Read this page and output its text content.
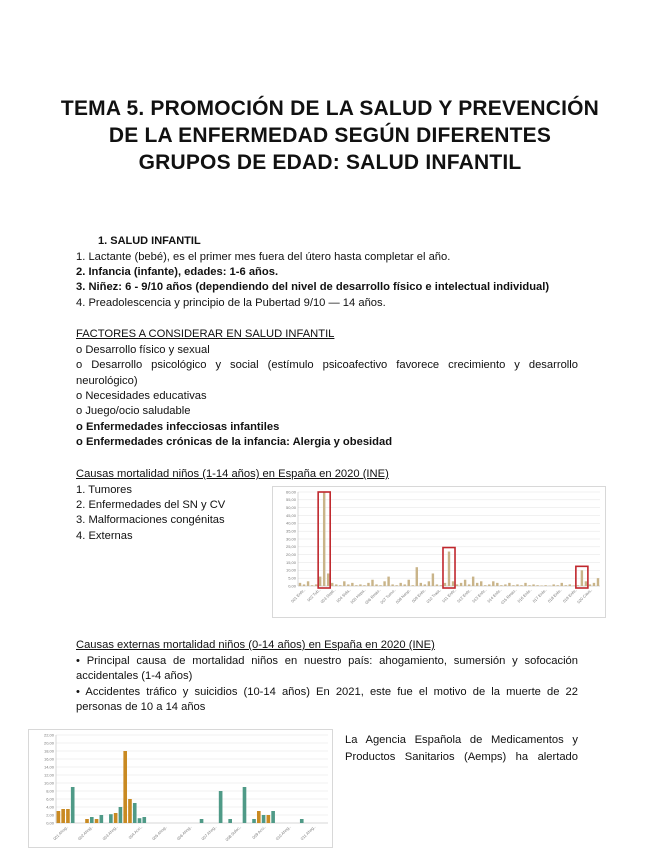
TEMA 5. PROMOCIÓN DE LA SALUD Y PREVENCIÓN DE LA ENFERMEDAD SEGÚN DIFERENTES GRUPOS DE EDAD: SALUD INFANTIL
1. SALUD INFANTIL
1. Lactante (bebé), es el primer mes fuera del útero hasta completar el año.
2. Infancia (infante), edades: 1-6 años.
3. Niñez: 6 - 9/10 años (dependiendo del nivel de desarrollo físico e intelectual individual)
4. Preadolescencia y principio de la Pubertad 9/10 — 14 años.
FACTORES A CONSIDERAR EN SALUD INFANTIL
o Desarrollo físico y sexual
o Desarrollo psicológico y social (estímulo psicoafectivo favorece crecimiento y desarrollo
neurológico)
o Necesidades educativas
o Juego/ocio saludable
o Enfermedades infecciosas infantiles
o Enfermedades crónicas de la infancia: Alergia y obesidad
Causas mortalidad niños (1-14 años) en España en 2020 (INE)
1. Tumores
2. Enfermedades del SN y CV
3. Malformaciones congénitas
4. Externas
0,00
5,00
10,00
15,00
20,00
25,00
30,00
35,00
40,00
45,00
50,00
55,00
60,00
001 Enfe.. 002 Tub..
003 Septi..
004 Sida..
005 Hepa..
006 Resto..
007 Tumo..
008 Neop..
009 Enfe..
010 Trast..
011 Enfe..
012 Enfe..
013 Enfe..
014 Enfe..
015 Resto..
016 Enfe..
017 Enfe..
018 Enfe..
019 Enfe..
020 Caus..
Causas externas mortalidad niños (0-14 años) en España en 2020 (INE)
• Principal causa de mortalidad niños en nuestro país: ahogamiento, sumersión y sofocación
accidentales (1-4 años)
• Accidentes tráfico y suicidios (10-14 años) En 2021, este fue el motivo de la muerte de 22
personas de 10 a 14 años
0,00
2,00
4,00
6,00
8,00
10,00
12,00
14,00
16,00
18,00
20,00
22,00
001 Ahog.. 002 Ahog.. 003 Ahog.. 004 Acci.. 005 Ahog.. 006 Ahog.. 007 Ahog.. 008 Sufoc.. 009 Acci.. 010 Ahog.. 011 Ahog..
La Agencia Española de Medicamentos y Productos Sanitarios (Aemps) ha alertado
